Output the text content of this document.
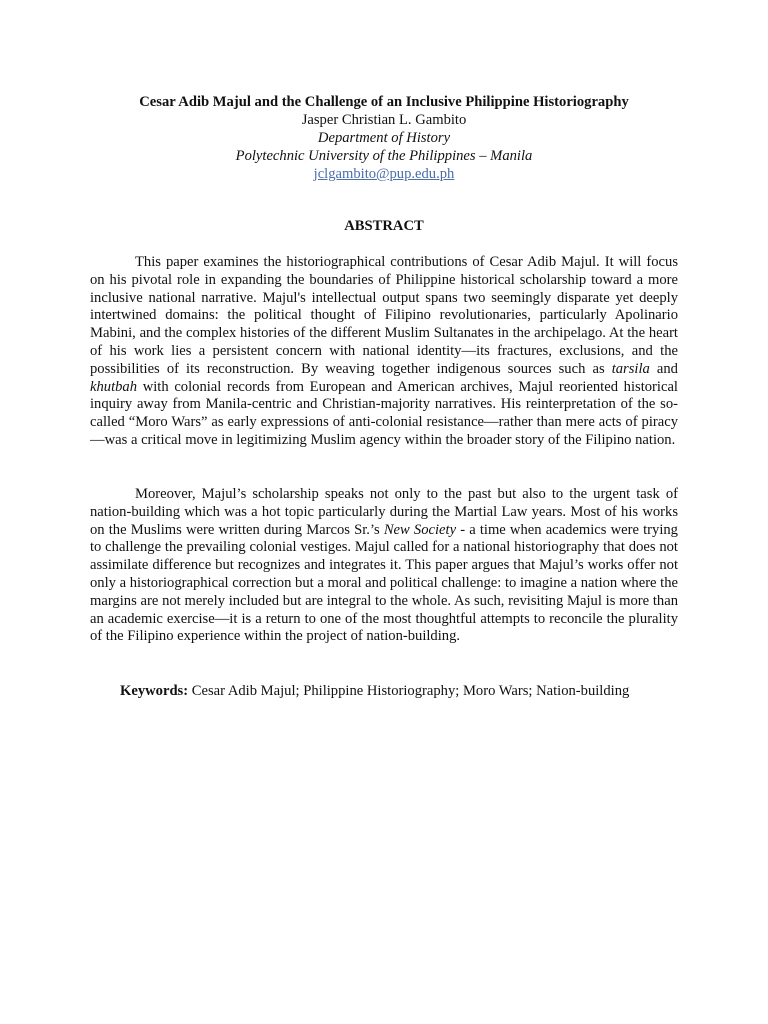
Cesar Adib Majul and the Challenge of an Inclusive Philippine Historiography
Jasper Christian L. Gambito
Department of History
Polytechnic University of the Philippines – Manila
jclgambito@pup.edu.ph
ABSTRACT

This paper examines the historiographical contributions of Cesar Adib Majul. It will focus on his pivotal role in expanding the boundaries of Philippine historical scholarship toward a more inclusive national narrative. Majul's intellectual output spans two seemingly disparate yet deeply intertwined domains: the political thought of Filipino revolutionaries, particularly Apolinario Mabini, and the complex histories of the different Muslim Sultanates in the archipelago. At the heart of his work lies a persistent concern with national identity—its fractures, exclusions, and the possibilities of its reconstruction. By weaving together indigenous sources such as tarsila and khutbah with colonial records from European and American archives, Majul reoriented historical inquiry away from Manila-centric and Christian-majority narratives. His reinterpretation of the so-called “Moro Wars” as early expressions of anti-colonial resistance—rather than mere acts of piracy—was a critical move in legitimizing Muslim agency within the broader story of the Filipino nation.

Moreover, Majul’s scholarship speaks not only to the past but also to the urgent task of nation-building which was a hot topic particularly during the Martial Law years. Most of his works on the Muslims were written during Marcos Sr.’s New Society - a time when academics were trying to challenge the prevailing colonial vestiges. Majul called for a national historiography that does not assimilate difference but recognizes and integrates it. This paper argues that Majul’s works offer not only a historiographical correction but a moral and political challenge: to imagine a nation where the margins are not merely included but are integral to the whole. As such, revisiting Majul is more than an academic exercise—it is a return to one of the most thoughtful attempts to reconcile the plurality of the Filipino experience within the project of nation-building.

Keywords: Cesar Adib Majul; Philippine Historiography; Moro Wars; Nation-building
